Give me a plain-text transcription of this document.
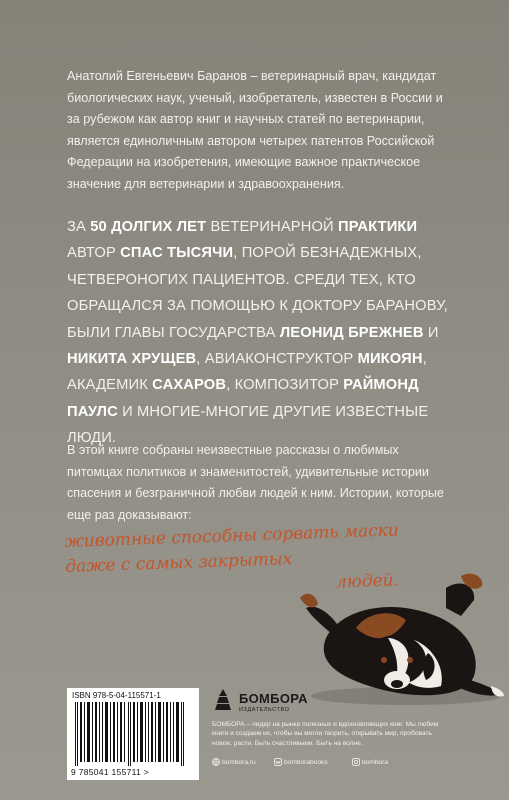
Анатолий Евгеньевич Баранов – ветеринарный врач, кандидат биологических наук, ученый, изобретатель, известен в России и за рубежом как автор книг и научных статей по ветеринарии, является единоличным автором четырех патентов Российской Федерации на изобретения, имеющие важное практическое значение для ветеринарии и здравоохранения.

ЗА 50 ДОЛГИХ ЛЕТ ВЕТЕРИНАРНОЙ ПРАКТИКИ АВТОР СПАС ТЫСЯЧИ, ПОРОЙ БЕЗНАДЕЖНЫХ, ЧЕТВЕРОНОГИХ ПАЦИЕНТОВ. СРЕДИ ТЕХ, КТО ОБРАЩАЛСЯ ЗА ПОМОЩЬЮ К ДОКТОРУ БАРАНОВУ, БЫЛИ ГЛАВЫ ГОСУДАРСТВА ЛЕОНИД БРЕЖНЕВ И НИКИТА ХРУЩЕВ, АВИАКОНСТРУКТОР МИКОЯН, АКАДЕМИК САХАРОВ, КОМПОЗИТОР РАЙМОНД ПАУЛС И МНОГИЕ-МНОГИЕ ДРУГИЕ ИЗВЕСТНЫЕ ЛЮДИ.

В этой книге собраны неизвестные рассказы о любимых питомцах политиков и знаменитостей, удивительные истории спасения и безграничной любви людей к ним. Истории, которые еще раз доказывают:

животные способны сорвать маски
даже с самых закрытых
людей.

ISBN 978-5-04-115571-1
9 785041 155711 >
БОМБОРА
ИЗДАТЕЛЬСТВО

БОМБОРА – лидер на рынке полезных и вдохновляющих книг. Мы любим книги и создаем их, чтобы вы могли творить, открывать мир, пробовать новое, расти. Быть счастливыми. Быть на волне.

bombora.ru	bomborabooks	bombora
